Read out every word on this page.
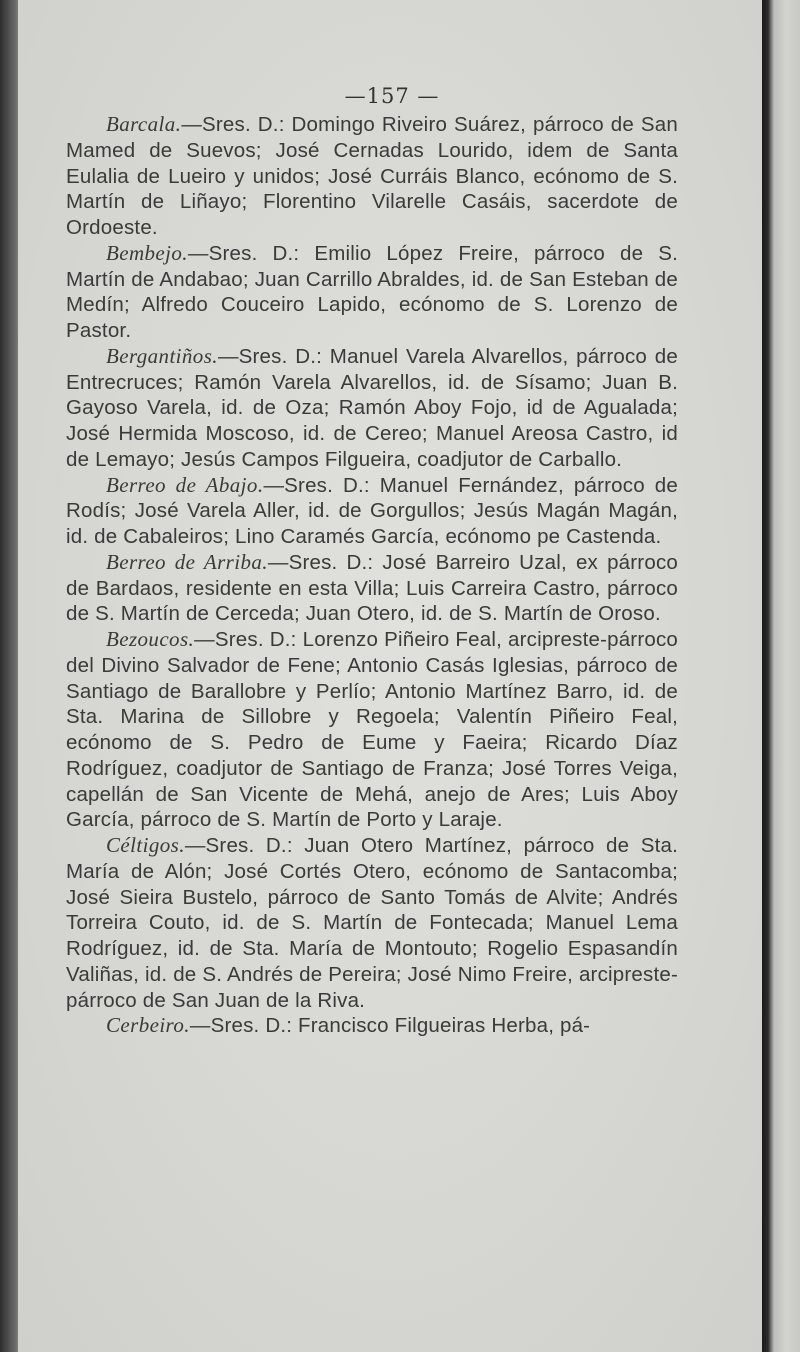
—157 —

Barcala.—Sres. D.: Domingo Riveiro Suárez, párroco de San Mamed de Suevos; José Cernadas Lourido, idem de Santa Eulalia de Lueiro y unidos; José Curráis Blanco, ecónomo de S. Martín de Liñayo; Florentino Vilarelle Casáis, sacerdote de Ordoeste.

Bembejo.—Sres. D.: Emilio López Freire, párroco de S. Martín de Andabao; Juan Carrillo Abraldes, id. de San Esteban de Medín; Alfredo Couceiro Lapido, ecónomo de S. Lorenzo de Pastor.

Bergantiños.—Sres. D.: Manuel Varela Alvarellos, párroco de Entrecruces; Ramón Varela Alvarellos, id. de Sísamo; Juan B. Gayoso Varela, id. de Oza; Ramón Aboy Fojo, id de Agualada; José Hermida Moscoso, id. de Cereo; Manuel Areosa Castro, id de Lemayo; Jesús Campos Filgueira, coadjutor de Carballo.

Berreo de Abajo.—Sres. D.: Manuel Fernández, párroco de Rodís; José Varela Aller, id. de Gorgullos; Jesús Magán Magán, id. de Cabaleiros; Lino Caramés García, ecónomo pe Castenda.

Berreo de Arriba.—Sres. D.: José Barreiro Uzal, ex párroco de Bardaos, residente en esta Villa; Luis Carreira Castro, párroco de S. Martín de Cerceda; Juan Otero, id. de S. Martín de Oroso.

Bezoucos.—Sres. D.: Lorenzo Piñeiro Feal, arcipreste-párroco del Divino Salvador de Fene; Antonio Casás Iglesias, párroco de Santiago de Barallobre y Perlío; Antonio Martínez Barro, id. de Sta. Marina de Sillobre y Regoela; Valentín Piñeiro Feal, ecónomo de S. Pedro de Eume y Faeira; Ricardo Díaz Rodríguez, coadjutor de Santiago de Franza; José Torres Veiga, capellán de San Vicente de Mehá, anejo de Ares; Luis Aboy García, párroco de S. Martín de Porto y Laraje.

Céltigos.—Sres. D.: Juan Otero Martínez, párroco de Sta. María de Alón; José Cortés Otero, ecónomo de Santacomba; José Sieira Bustelo, párroco de Santo Tomás de Alvite; Andrés Torreira Couto, id. de S. Martín de Fontecada; Manuel Lema Rodríguez, id. de Sta. María de Montouto; Rogelio Espasandín Valiñas, id. de S. Andrés de Pereira; José Nimo Freire, arcipreste-párroco de San Juan de la Riva.

Cerbeiro.—Sres. D.: Francisco Filgueiras Herba, pá-
